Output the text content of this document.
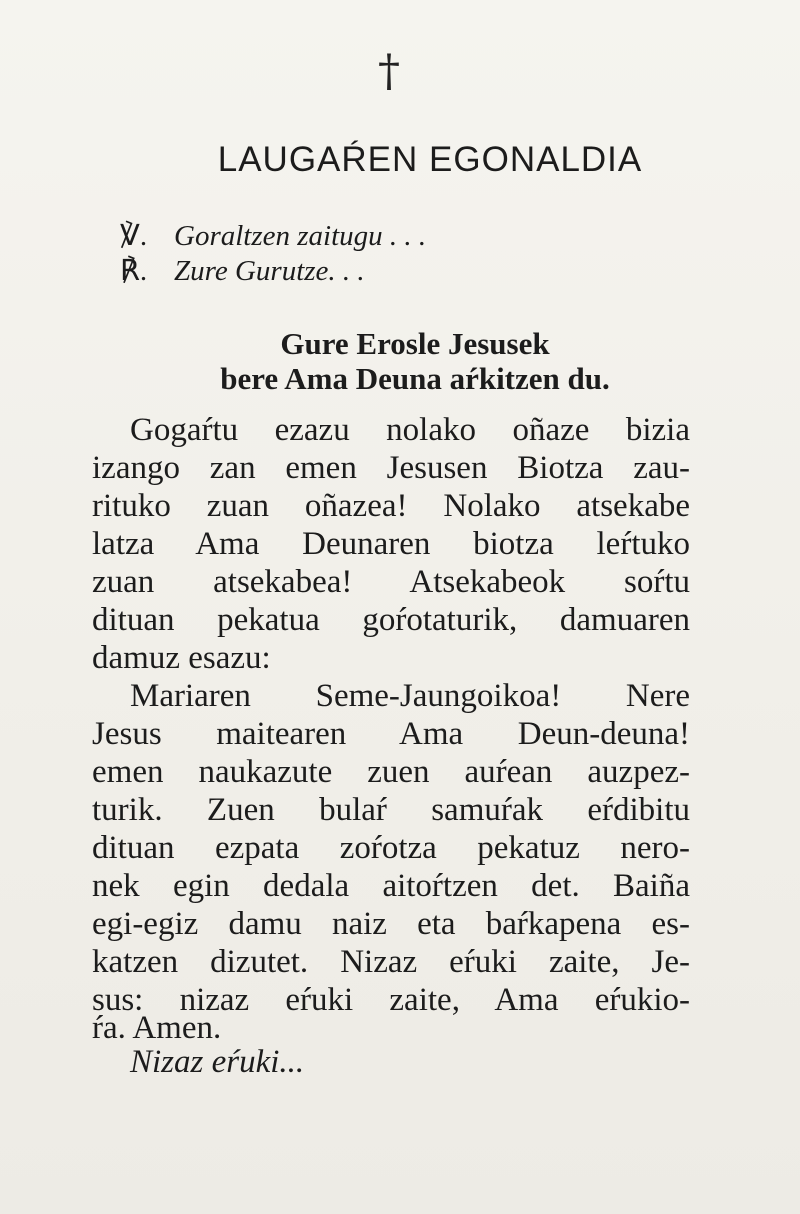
†
LAUGAŔEN EGONALDIA
℣. Goraltzen zaitugu . . .
℟. Zure Gurutze. . .
Gure Erosle Jesusek
bere Ama Deuna aŕkitzen du.
Gogaŕtu ezazu nolako oñaze bizia
izango zan emen Jesusen Biotza zau-
rituko zuan oñazea! Nolako atsekabe
latza Ama Deunaren biotza leŕtuko
zuan atsekabea! Atsekabeok soŕtu
dituan pekatua goŕotaturik, damuaren
damuz esazu:
Mariaren Seme-Jaungoikoa! Nere
Jesus maitearen Ama Deun-deuna!
emen naukazute zuen auŕean auzpez-
turik. Zuen bulaŕ samuŕak eŕdibitu
dituan ezpata zoŕotza pekatuz nero-
nek egin dedala aitoŕtzen det. Baiña
egi-egiz damu naiz eta baŕkapena es-
katzen dizutet. Nizaz eŕuki zaite, Je-
sus: nizaz eŕuki zaite, Ama eŕukio-
ŕa. Amen.
Nizaz eŕuki...
